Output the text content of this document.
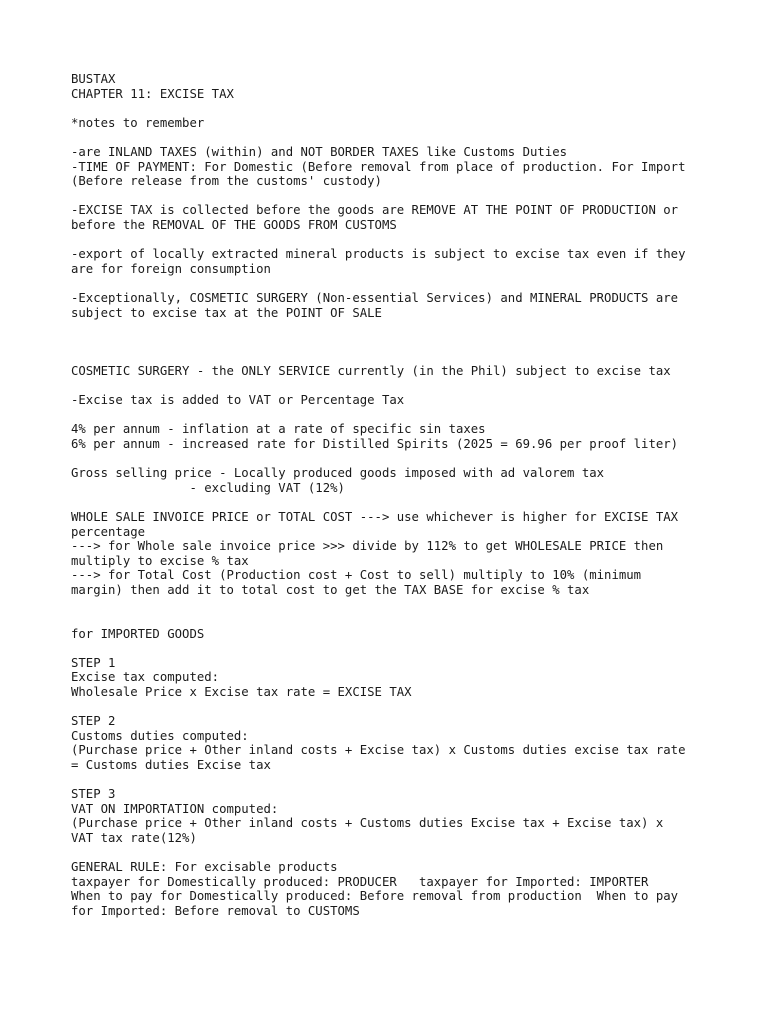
BUSTAX
CHAPTER 11: EXCISE TAX
*notes to remember
-are INLAND TAXES (within) and NOT BORDER TAXES like Customs Duties
-TIME OF PAYMENT: For Domestic (Before removal from place of production. For Import
(Before release from the customs' custody)
-EXCISE TAX is collected before the goods are REMOVE AT THE POINT OF PRODUCTION or
before the REMOVAL OF THE GOODS FROM CUSTOMS
-export of locally extracted mineral products is subject to excise tax even if they
are for foreign consumption
-Exceptionally, COSMETIC SURGERY (Non-essential Services) and MINERAL PRODUCTS are
subject to excise tax at the POINT OF SALE
COSMETIC SURGERY - the ONLY SERVICE currently (in the Phil) subject to excise tax
-Excise tax is added to VAT or Percentage Tax
4% per annum - inflation at a rate of specific sin taxes
6% per annum - increased rate for Distilled Spirits (2025 = 69.96 per proof liter)
Gross selling price - Locally produced goods imposed with ad valorem tax
- excluding VAT (12%)
WHOLE SALE INVOICE PRICE or TOTAL COST ---> use whichever is higher for EXCISE TAX
percentage
---> for Whole sale invoice price >>> divide by 112% to get WHOLESALE PRICE then
multiply to excise % tax
---> for Total Cost (Production cost + Cost to sell) multiply to 10% (minimum
margin) then add it to total cost to get the TAX BASE for excise % tax
for IMPORTED GOODS
STEP 1
Excise tax computed:
Wholesale Price x Excise tax rate = EXCISE TAX
STEP 2
Customs duties computed:
(Purchase price + Other inland costs + Excise tax) x Customs duties excise tax rate
= Customs duties Excise tax
STEP 3
VAT ON IMPORTATION computed:
(Purchase price + Other inland costs + Customs duties Excise tax + Excise tax) x
VAT tax rate(12%)
GENERAL RULE: For excisable products
taxpayer for Domestically produced: PRODUCER   taxpayer for Imported: IMPORTER
When to pay for Domestically produced: Before removal from production  When to pay
for Imported: Before removal to CUSTOMS
